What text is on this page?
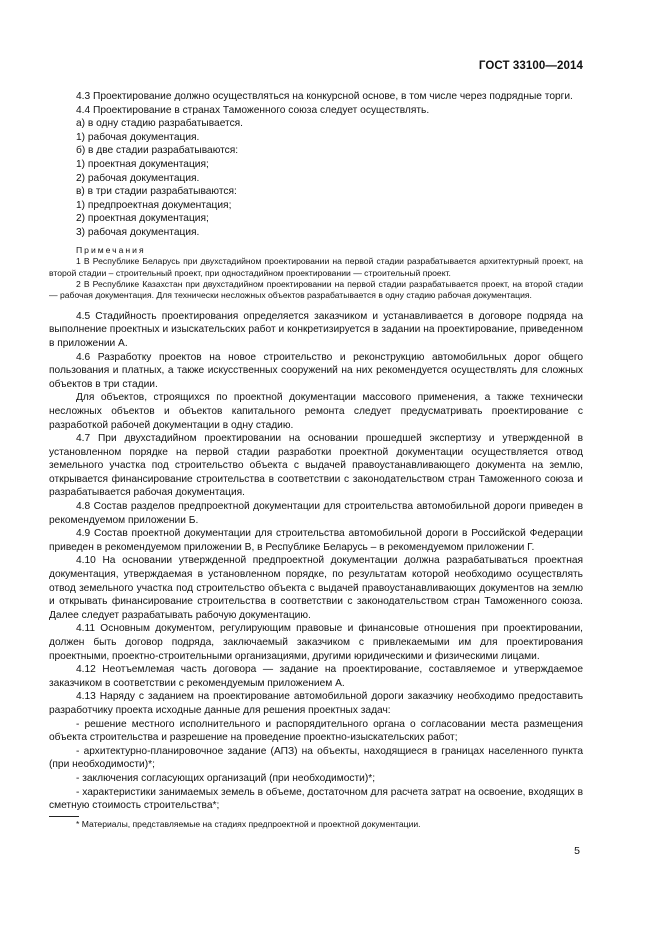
ГОСТ 33100—2014

4.3 Проектирование должно осуществляться на конкурсной основе, в том числе через подрядные торги.

4.4 Проектирование в странах Таможенного союза следует осуществлять.

а) в одну стадию разрабатывается.

1) рабочая документация.

б) в две стадии разрабатываются:

1) проектная документация;

2) рабочая документация.

в) в три стадии разрабатываются:

1) предпроектная документация;

2) проектная документация;

3) рабочая документация.

Примечания

1 В Республике Беларусь при двухстадийном проектировании на первой стадии разрабатывается архитектурный проект, на второй стадии – строительный проект, при одностадийном проектировании — строительный проект.

2 В Республике Казахстан при двухстадийном проектировании на первой стадии разрабатывается проект, на второй стадии — рабочая документация. Для технически несложных объектов разрабатывается в одну стадию рабочая документация.

4.5 Стадийность проектирования определяется заказчиком и устанавливается в договоре подряда на выполнение проектных и изыскательских работ и конкретизируется в задании на проектирование, приведенном в приложении А.

4.6 Разработку проектов на новое строительство и реконструкцию автомобильных дорог общего пользования и платных, а также искусственных сооружений на них рекомендуется осуществлять для сложных объектов в три стадии.

Для объектов, строящихся по проектной документации массового применения, а также технически несложных объектов и объектов капитального ремонта следует предусматривать проектирование с разработкой рабочей документации в одну стадию.

4.7 При двухстадийном проектировании на основании прошедшей экспертизу и утвержденной в установленном порядке на первой стадии разработки проектной документации осуществляется отвод земельного участка под строительство объекта с выдачей правоустанавливающего документа на землю, открывается финансирование строительства в соответствии с законодательством стран Таможенного союза и разрабатывается рабочая документация.

4.8 Состав разделов предпроектной документации для строительства автомобильной дороги приведен в рекомендуемом приложении Б.

4.9 Состав проектной документации для строительства автомобильной дороги в Российской Федерации приведен в рекомендуемом приложении В, в Республике Беларусь – в рекомендуемом приложении Г.

4.10 На основании утвержденной предпроектной документации должна разрабатываться проектная документация, утверждаемая в установленном порядке, по результатам которой необходимо осуществлять отвод земельного участка под строительство объекта с выдачей правоустанавливающих документов на землю и открывать финансирование строительства в соответствии с законодательством стран Таможенного союза. Далее следует разрабатывать рабочую документацию.

4.11 Основным документом, регулирующим правовые и финансовые отношения при проектировании, должен быть договор подряда, заключаемый заказчиком с привлекаемыми им для проектирования проектными, проектно-строительными организациями, другими юридическими и физическими лицами.

4.12 Неотъемлемая часть договора — задание на проектирование, составляемое и утверждаемое заказчиком в соответствии с рекомендуемым приложением А.

4.13 Наряду с заданием на проектирование автомобильной дороги заказчику необходимо предоставить разработчику проекта исходные данные для решения проектных задач:

- решение местного исполнительного и распорядительного органа о согласовании места размещения объекта строительства и разрешение на проведение проектно-изыскательских работ;

- архитектурно-планировочное задание (АПЗ) на объекты, находящиеся в границах населенного пункта (при необходимости)*;

- заключения согласующих организаций (при необходимости)*;

- характеристики занимаемых земель в объеме, достаточном для расчета затрат на освоение, входящих в сметную стоимость строительства*;

* Материалы, представляемые на стадиях предпроектной и проектной документации.

5
